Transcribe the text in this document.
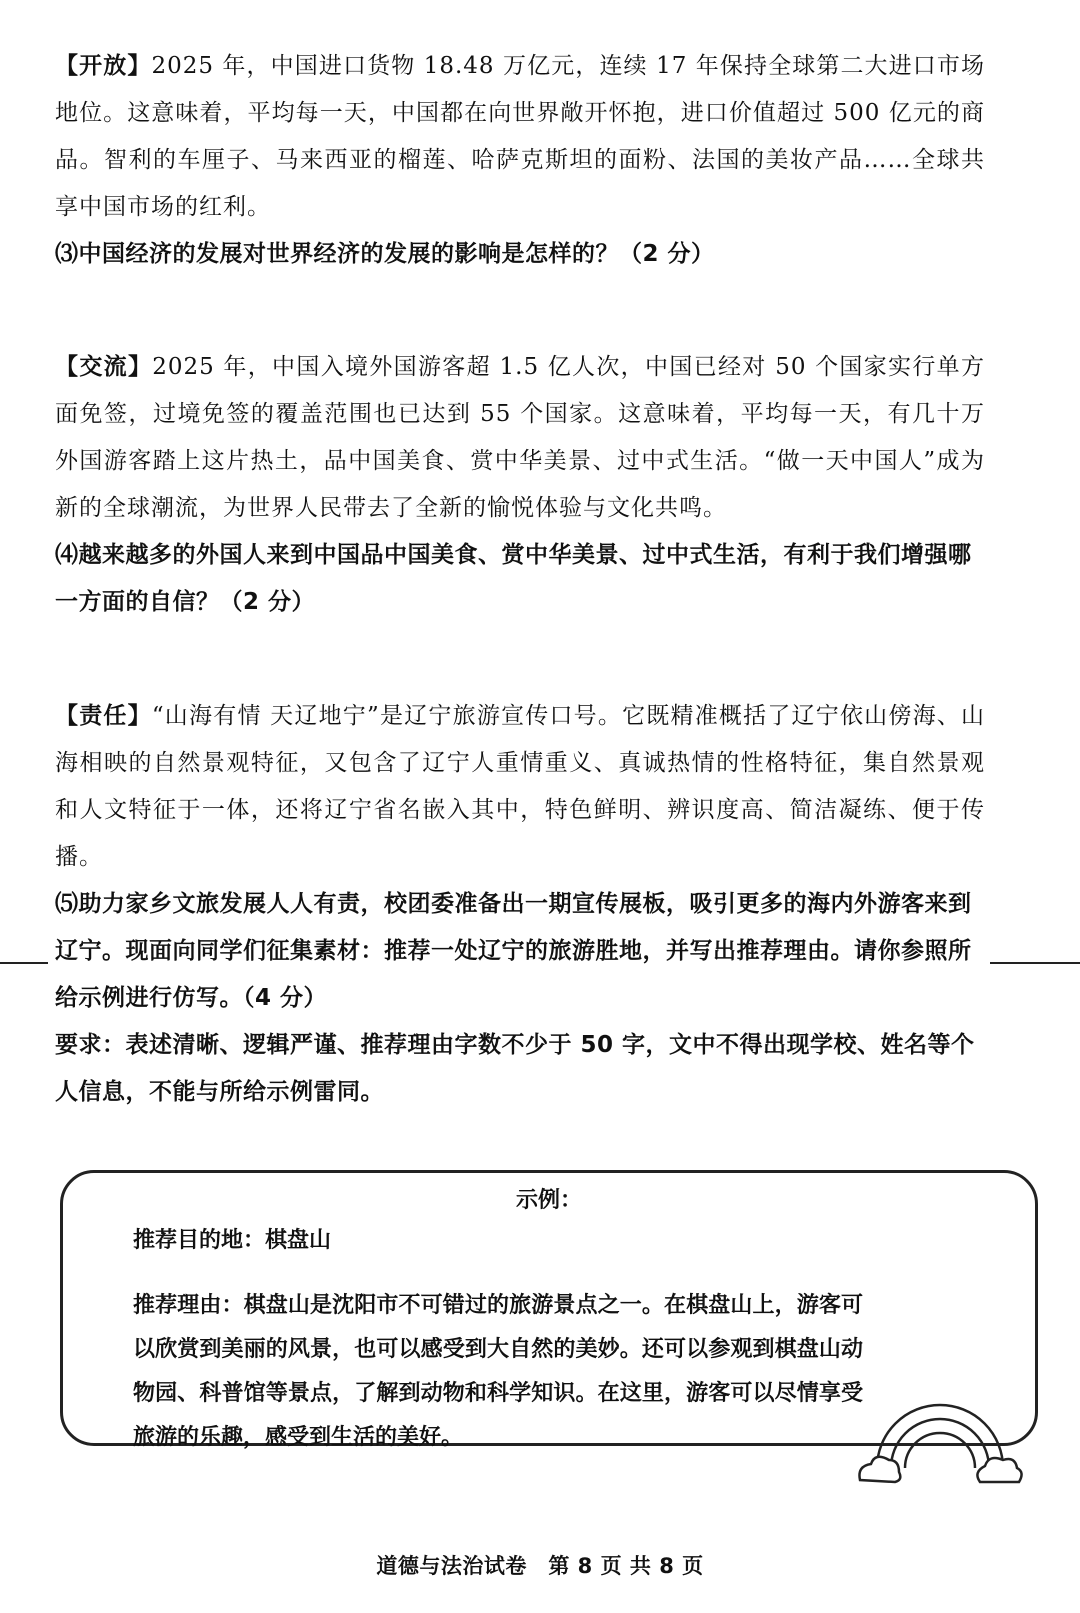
【开放】2025 年，中国进口货物 18.48 万亿元，连续 17 年保持全球第二大进口市场地位。这意味着，平均每一天，中国都在向世界敞开怀抱，进口价值超过 500 亿元的商品。智利的车厘子、马来西亚的榴莲、哈萨克斯坦的面粉、法国的美妆产品……全球共享中国市场的红利。

⑶中国经济的发展对世界经济的发展的影响是怎样的？（2 分）

【交流】2025 年，中国入境外国游客超 1.5 亿人次，中国已经对 50 个国家实行单方面免签，过境免签的覆盖范围也已达到 55 个国家。这意味着，平均每一天，有几十万外国游客踏上这片热土，品中国美食、赏中华美景、过中式生活。“做一天中国人”成为新的全球潮流，为世界人民带去了全新的愉悦体验与文化共鸣。

⑷越来越多的外国人来到中国品中国美食、赏中华美景、过中式生活，有利于我们增强哪一方面的自信？（2 分）

【责任】“山海有情 天辽地宁”是辽宁旅游宣传口号。它既精准概括了辽宁依山傍海、山海相映的自然景观特征，又包含了辽宁人重情重义、真诚热情的性格特征，集自然景观和人文特征于一体，还将辽宁省名嵌入其中，特色鲜明、辨识度高、简洁凝练、便于传播。

⑸助力家乡文旅发展人人有责，校团委准备出一期宣传展板，吸引更多的海内外游客来到辽宁。现面向同学们征集素材：推荐一处辽宁的旅游胜地，并写出推荐理由。请你参照所给示例进行仿写。（4 分）

要求：表述清晰、逻辑严谨、推荐理由字数不少于 50 字，文中不得出现学校、姓名等个人信息，不能与所给示例雷同。

示例：
推荐目的地：棋盘山

推荐理由：棋盘山是沈阳市不可错过的旅游景点之一。在棋盘山上，游客可以欣赏到美丽的风景，也可以感受到大自然的美妙。还可以参观到棋盘山动物园、科普馆等景点，了解到动物和科学知识。在这里，游客可以尽情享受旅游的乐趣，感受到生活的美好。

道德与法治试卷　第 8 页 共 8 页
